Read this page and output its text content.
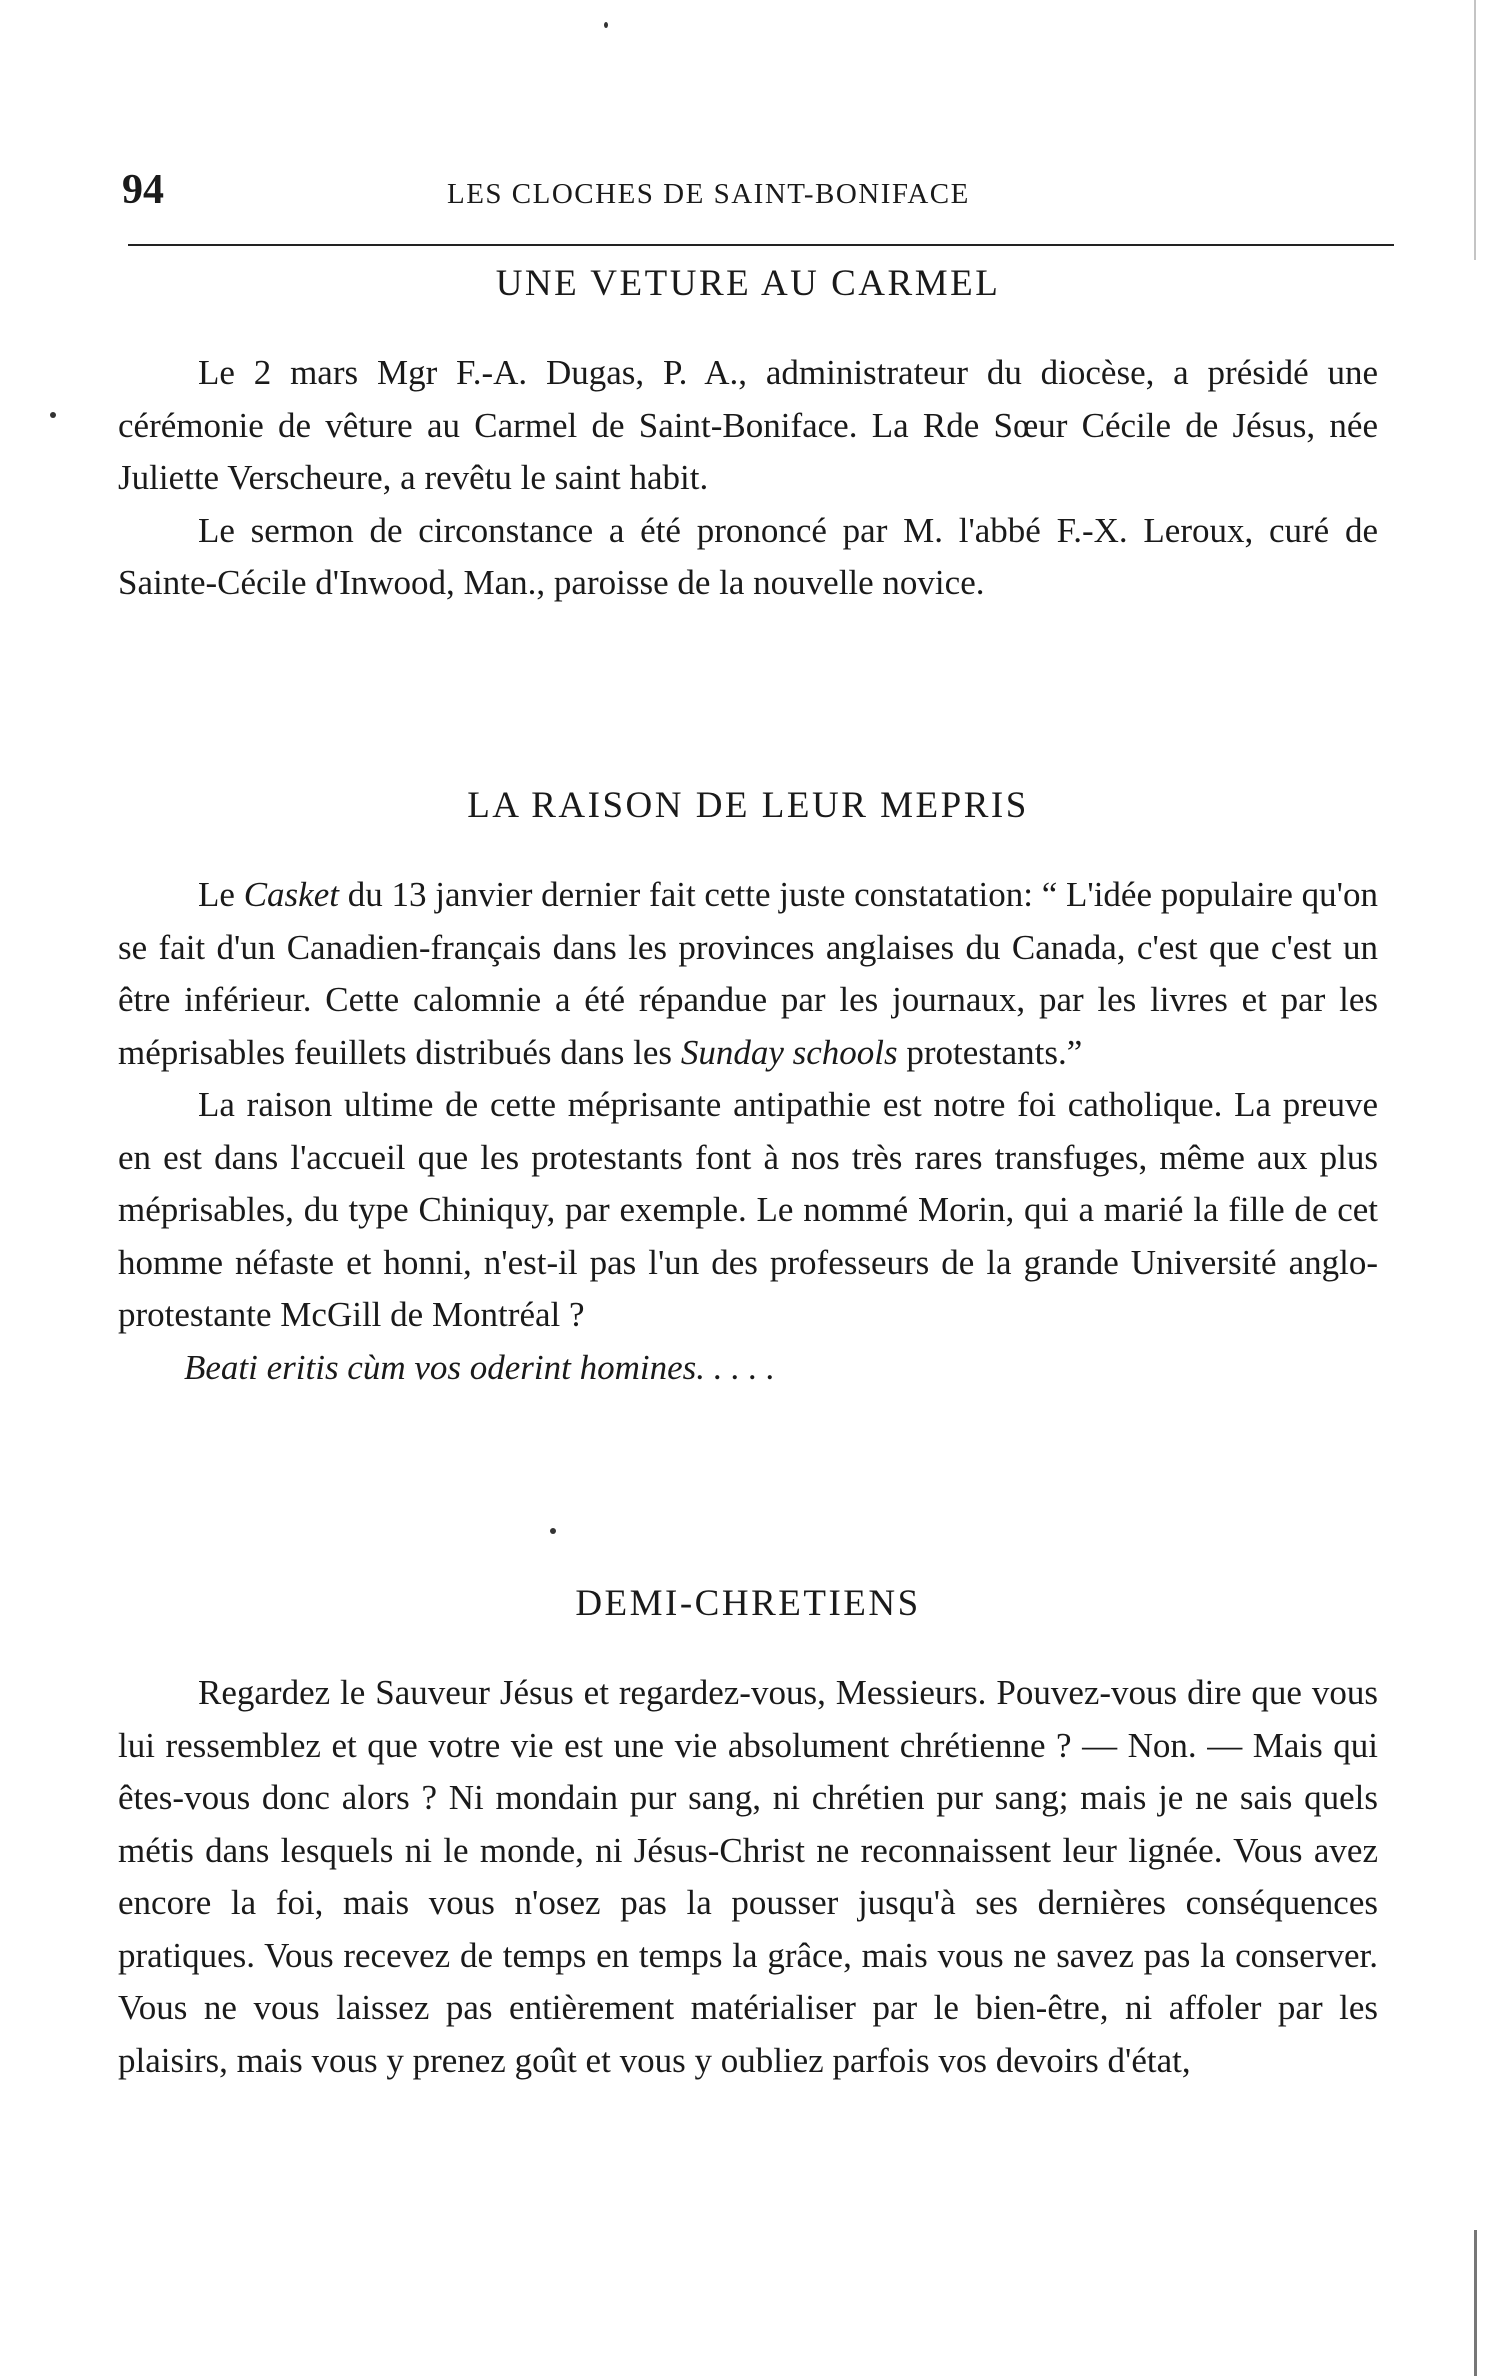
94	LES CLOCHES DE SAINT-BONIFACE
UNE VETURE AU CARMEL

Le 2 mars Mgr F.-A. Dugas, P. A., administrateur du diocèse, a présidé une cérémonie de vêture au Carmel de Saint-Boniface. La Rde Sœur Cécile de Jésus, née Juliette Verscheure, a revêtu le saint habit.

Le sermon de circonstance a été prononcé par M. l'abbé F.-X. Leroux, curé de Sainte-Cécile d'Inwood, Man., paroisse de la nouvelle novice.

LA RAISON DE LEUR MEPRIS

Le Casket du 13 janvier dernier fait cette juste constatation: “ L'idée populaire qu'on se fait d'un Canadien-français dans les provinces anglaises du Canada, c'est que c'est un être inférieur. Cette calomnie a été répandue par les journaux, par les livres et par les méprisables feuillets distribués dans les Sunday schools protestants.”

La raison ultime de cette méprisante antipathie est notre foi catholique. La preuve en est dans l'accueil que les protestants font à nos très rares transfuges, même aux plus méprisables, du type Chiniquy, par exemple. Le nommé Morin, qui a marié la fille de cet homme néfaste et honni, n'est-il pas l'un des professeurs de la grande Université anglo-protestante McGill de Montréal ?

Beati eritis cùm vos oderint homines. . . . .

DEMI-CHRETIENS

Regardez le Sauveur Jésus et regardez-vous, Messieurs. Pouvez-vous dire que vous lui ressemblez et que votre vie est une vie absolument chrétienne ? — Non. — Mais qui êtes-vous donc alors ? Ni mondain pur sang, ni chrétien pur sang; mais je ne sais quels métis dans lesquels ni le monde, ni Jésus-Christ ne reconnaissent leur lignée. Vous avez encore la foi, mais vous n'osez pas la pousser jusqu'à ses dernières conséquences pratiques. Vous recevez de temps en temps la grâce, mais vous ne savez pas la conserver. Vous ne vous laissez pas entièrement matérialiser par le bien-être, ni affoler par les plaisirs, mais vous y prenez goût et vous y oubliez parfois vos devoirs d'état,
